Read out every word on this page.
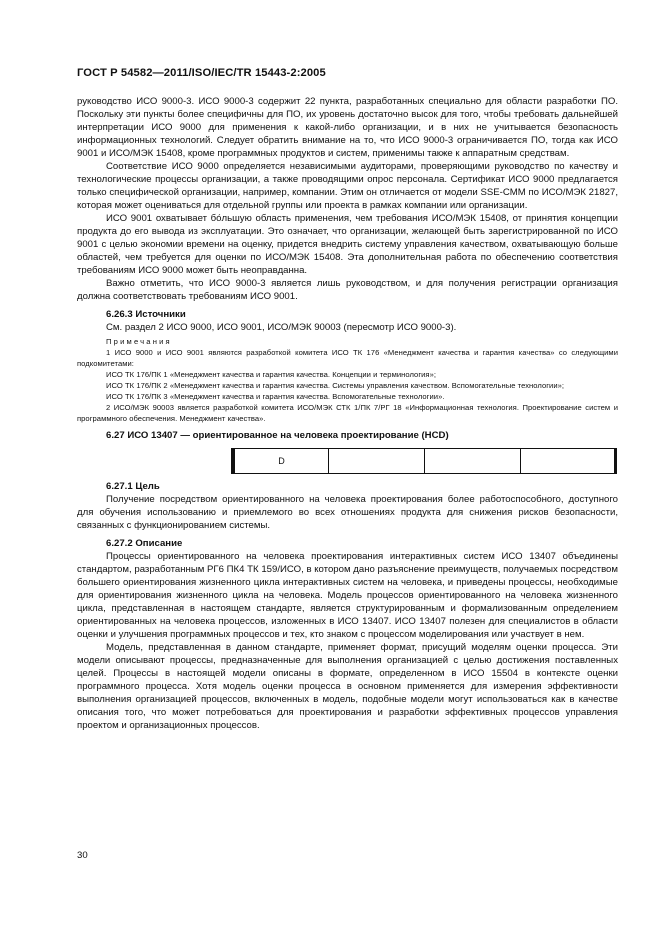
ГОСТ Р 54582—2011/ISO/IEC/TR 15443-2:2005

руководство ИСО 9000-3. ИСО 9000-3 содержит 22 пункта, разработанных специально для области разработки ПО. Поскольку эти пункты более специфичны для ПО, их уровень достаточно высок для того, чтобы требовать дальнейшей интерпретации ИСО 9000 для применения к какой-либо организации, и в них не учитывается безопасность информационных технологий. Следует обратить внимание на то, что ИСО 9000-3 ограничивается ПО, тогда как ИСО 9001 и ИСО/МЭК 15408, кроме программных продуктов и систем, применимы также к аппаратным средствам.

Соответствие ИСО 9000 определяется независимыми аудиторами, проверяющими руководство по качеству и технологические процессы организации, а также проводящими опрос персонала. Сертификат ИСО 9000 предлагается только специфической организации, например, компании. Этим он отличается от модели SSE-CMM по ИСО/МЭК 21827, которая может оцениваться для отдельной группы или проекта в рамках компании или организации.

ИСО 9001 охватывает бо́льшую область применения, чем требования ИСО/МЭК 15408, от принятия концепции продукта до его вывода из эксплуатации. Это означает, что организации, желающей быть зарегистрированной по ИСО 9001 с целью экономии времени на оценку, придется внедрить систему управления качеством, охватывающую больше областей, чем требуется для оценки по ИСО/МЭК 15408. Эта дополнительная работа по обеспечению соответствия требованиям ИСО 9000 может быть неоправданна.

Важно отметить, что ИСО 9000-3 является лишь руководством, и для получения регистрации организация должна соответствовать требованиям ИСО 9001.

6.26.3 Источники

См. раздел 2 ИСО 9000, ИСО 9001, ИСО/МЭК 90003 (пересмотр ИСО 9000-3).

Примечания

1 ИСО 9000 и ИСО 9001 являются разработкой комитета ИСО ТК 176 «Менеджмент качества и гарантия качества» со следующими подкомитетами:

ИСО ТК 176/ПК 1 «Менеджмент качества и гарантия качества. Концепции и терминология»;

ИСО ТК 176/ПК 2 «Менеджмент качества и гарантия качества. Системы управления качеством. Вспомогательные технологии»;

ИСО ТК 176/ПК 3 «Менеджмент качества и гарантия качества. Вспомогательные технологии».

2 ИСО/МЭК 90003 является разработкой комитета ИСО/МЭК СТК 1/ПК 7/РГ 18 «Информационная технология. Проектирование систем и программного обеспечения. Менеджмент качества».

6.27 ИСО 13407 — ориентированное на человека проектирование (HCD)

D			

6.27.1 Цель

Получение посредством ориентированного на человека проектирования более работоспособного, доступного для обучения использованию и приемлемого во всех отношениях продукта для снижения рисков безопасности, связанных с функционированием системы.

6.27.2 Описание

Процессы ориентированного на человека проектирования интерактивных систем ИСО 13407 объединены стандартом, разработанным РГ6 ПК4 ТК 159/ИСО, в котором дано разъяснение преимуществ, получаемых посредством большего ориентирования жизненного цикла интерактивных систем на человека, и приведены процессы, необходимые для ориентирования жизненного цикла на человека. Модель процессов ориентированного на человека жизненного цикла, представленная в настоящем стандарте, является структурированным и формализованным определением ориентированных на человека процессов, изложенных в ИСО 13407. ИСО 13407 полезен для специалистов в области оценки и улучшения программных процессов и тех, кто знаком с процессом моделирования или участвует в нем.

Модель, представленная в данном стандарте, применяет формат, присущий моделям оценки процесса. Эти модели описывают процессы, предназначенные для выполнения организацией с целью достижения поставленных целей. Процессы в настоящей модели описаны в формате, определенном в ИСО 15504 в контексте оценки программного процесса. Хотя модель оценки процесса в основном применяется для измерения эффективности выполнения организацией процессов, включенных в модель, подобные модели могут использоваться как в качестве описания того, что может потребоваться для проектирования и разработки эффективных процессов управления проектом и организационных процессов.

30
